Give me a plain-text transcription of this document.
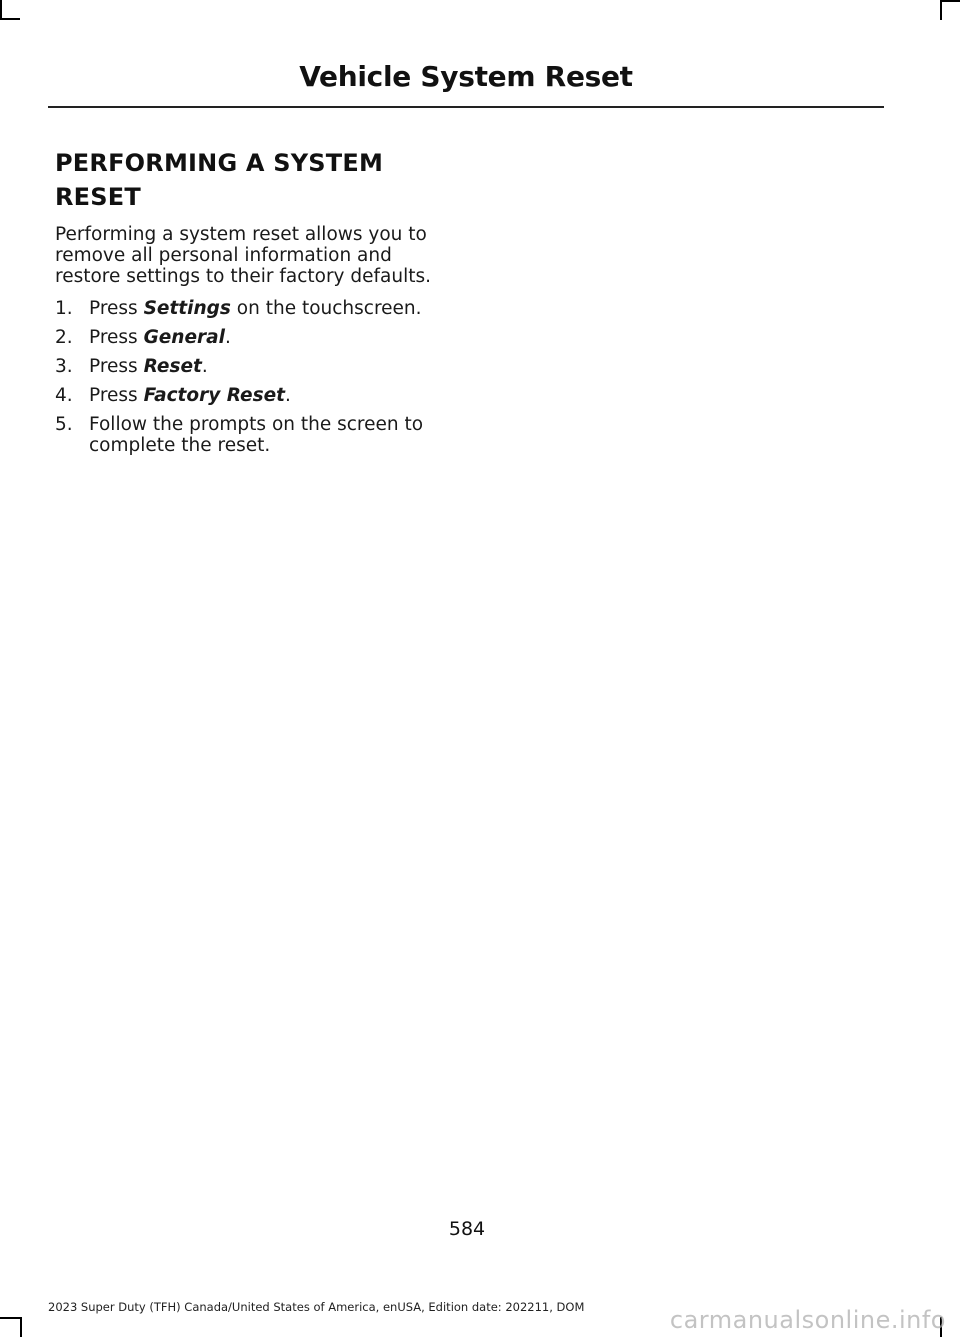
Vehicle System Reset
PERFORMING A SYSTEM RESET

Performing a system reset allows you to remove all personal information and restore settings to their factory defaults.

1. Press Settings on the touchscreen.
2. Press General.
3. Press Reset.
4. Press Factory Reset.
5. Follow the prompts on the screen to complete the reset.
584
2023 Super Duty (TFH) Canada/United States of America, enUSA, Edition date: 202211, DOM	carmanualsonline.info
